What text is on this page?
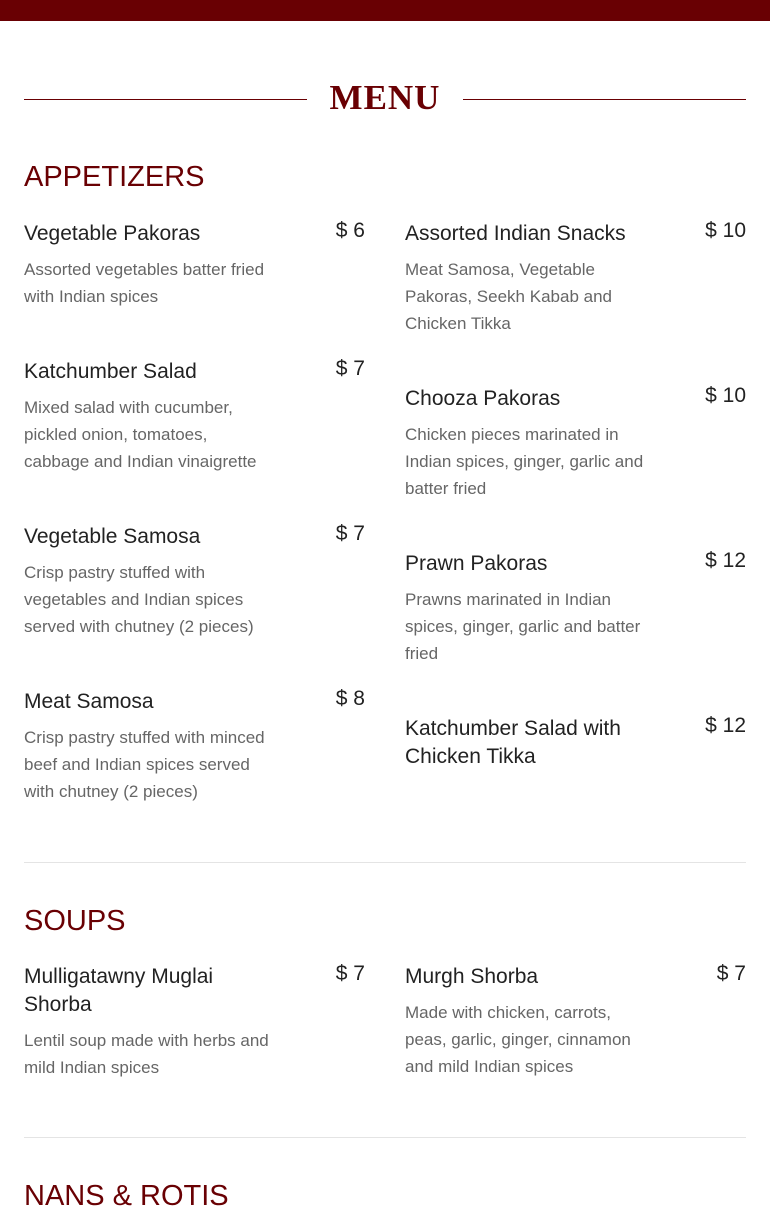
MENU
APPETIZERS
Vegetable Pakoras	$ 6
Assorted vegetables batter fried with Indian spices
Katchumber Salad	$ 7
Mixed salad with cucumber, pickled onion, tomatoes, cabbage and Indian vinaigrette
Vegetable Samosa	$ 7
Crisp pastry stuffed with vegetables and Indian spices served with chutney (2 pieces)
Meat Samosa	$ 8
Crisp pastry stuffed with minced beef and Indian spices served with chutney (2 pieces)
Assorted Indian Snacks	$ 10
Meat Samosa, Vegetable Pakoras, Seekh Kabab and Chicken Tikka
Chooza Pakoras	$ 10
Chicken pieces marinated in Indian spices, ginger, garlic and batter fried
Prawn Pakoras	$ 12
Prawns marinated in Indian spices, ginger, garlic and batter fried
Katchumber Salad with Chicken Tikka
$ 12
SOUPS
Mulligatawny Muglai Shorba
$ 7
Lentil soup made with herbs and mild Indian spices
Murgh Shorba	$ 7
Made with chicken, carrots, peas, garlic, ginger, cinnamon and mild Indian spices
NANS & ROTIS
